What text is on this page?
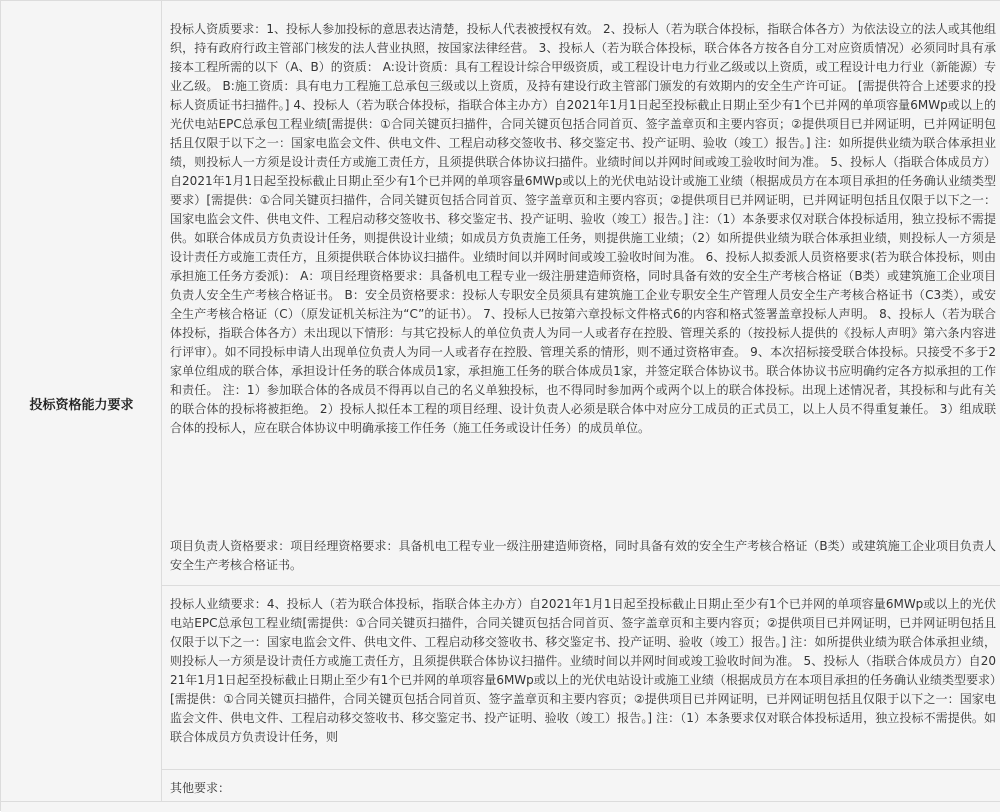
投标资格能力要求
投标人资质要求：1、投标人参加投标的意思表达清楚，投标人代表被授权有效。 2、投标人（若为联合体投标，指联合体各方）为依法设立的法人或其他组织，持有政府行政主管部门核发的法人营业执照，按国家法律经营。 3、投标人（若为联合体投标，联合体各方按各自分工对应资质情况）必须同时具有承接本工程所需的以下（A、B）的资质： A:设计资质：具有工程设计综合甲级资质，或工程设计电力行业乙级或以上资质，或工程设计电力行业（新能源）专业乙级。 B:施工资质：具有电力工程施工总承包三级或以上资质，及持有建设行政主管部门颁发的有效期内的安全生产许可证。 [需提供符合上述要求的投标人资质证书扫描件。] 4、投标人（若为联合体投标，指联合体主办方）自2021年1月1日起至投标截止日期止至少有1个已并网的单项容量6MWp或以上的光伏电站EPC总承包工程业绩[需提供：①合同关键页扫描件，合同关键页包括合同首页、签字盖章页和主要内容页；②提供项目已并网证明，已并网证明包括且仅限于以下之一：国家电监会文件、供电文件、工程启动移交签收书、移交鉴定书、投产证明、验收（竣工）报告。] 注：如所提供业绩为联合体承担业绩，则投标人一方须是设计责任方或施工责任方，且须提供联合体协议扫描件。业绩时间以并网时间或竣工验收时间为准。 5、投标人（指联合体成员方）自2021年1月1日起至投标截止日期止至少有1个已并网的单项容量6MWp或以上的光伏电站设计或施工业绩（根据成员方在本项目承担的任务确认业绩类型要求）[需提供：①合同关键页扫描件，合同关键页包括合同首页、签字盖章页和主要内容页；②提供项目已并网证明，已并网证明包括且仅限于以下之一：国家电监会文件、供电文件、工程启动移交签收书、移交鉴定书、投产证明、验收（竣工）报告。] 注：（1）本条要求仅对联合体投标适用，独立投标不需提供。如联合体成员方负责设计任务，则提供设计业绩；如成员方负责施工任务，则提供施工业绩；（2）如所提供业绩为联合体承担业绩，则投标人一方须是设计责任方或施工责任方，且须提供联合体协议扫描件。业绩时间以并网时间或竣工验收时间为准。 6、投标人拟委派人员资格要求(若为联合体投标，则由承担施工任务方委派)： A：项目经理资格要求：具备机电工程专业一级注册建造师资格，同时具备有效的安全生产考核合格证（B类）或建筑施工企业项目负责人安全生产考核合格证书。 B：安全员资格要求：投标人专职安全员须具有建筑施工企业专职安全生产管理人员安全生产考核合格证书（C3类），或安全生产考核合格证（C）（原发证机关标注为“C”的证书）。 7、投标人已按第六章投标文件格式6的内容和格式签署盖章投标人声明。 8、投标人（若为联合体投标，指联合体各方）未出现以下情形：与其它投标人的单位负责人为同一人或者存在控股、管理关系的（按投标人提供的《投标人声明》第六条内容进行评审）。如不同投标申请人出现单位负责人为同一人或者存在控股、管理关系的情形，则不通过资格审查。 9、本次招标接受联合体投标。只接受不多于2家单位组成的联合体，承担设计任务的联合体成员1家，承担施工任务的联合体成员1家，并签定联合体协议书。联合体协议书应明确约定各方拟承担的工作和责任。 注：1）参加联合体的各成员不得再以自己的名义单独投标，也不得同时参加两个或两个以上的联合体投标。出现上述情况者，其投标和与此有关的联合体的投标将被拒绝。 2）投标人拟任本工程的项目经理、设计负责人必须是联合体中对应分工成员的正式员工，以上人员不得重复兼任。 3）组成联合体的投标人，应在联合体协议中明确承接工作任务（施工任务或设计任务）的成员单位。
项目负责人资格要求：项目经理资格要求：具备机电工程专业一级注册建造师资格，同时具备有效的安全生产考核合格证（B类）或建筑施工企业项目负责人安全生产考核合格证书。
投标人业绩要求：4、投标人（若为联合体投标，指联合体主办方）自2021年1月1日起至投标截止日期止至少有1个已并网的单项容量6MWp或以上的光伏电站EPC总承包工程业绩[需提供：①合同关键页扫描件，合同关键页包括合同首页、签字盖章页和主要内容页；②提供项目已并网证明，已并网证明包括且仅限于以下之一：国家电监会文件、供电文件、工程启动移交签收书、移交鉴定书、投产证明、验收（竣工）报告。] 注：如所提供业绩为联合体承担业绩，则投标人一方须是设计责任方或施工责任方，且须提供联合体协议扫描件。业绩时间以并网时间或竣工验收时间为准。 5、投标人（指联合体成员方）自2021年1月1日起至投标截止日期止至少有1个已并网的单项容量6MWp或以上的光伏电站设计或施工业绩（根据成员方在本项目承担的任务确认业绩类型要求）[需提供：①合同关键页扫描件，合同关键页包括合同首页、签字盖章页和主要内容页；②提供项目已并网证明，已并网证明包括且仅限于以下之一：国家电监会文件、供电文件、工程启动移交签收书、移交鉴定书、投产证明、验收（竣工）报告。] 注：（1）本条要求仅对联合体投标适用，独立投标不需提供。如联合体成员方负责设计任务，则
其他要求：
